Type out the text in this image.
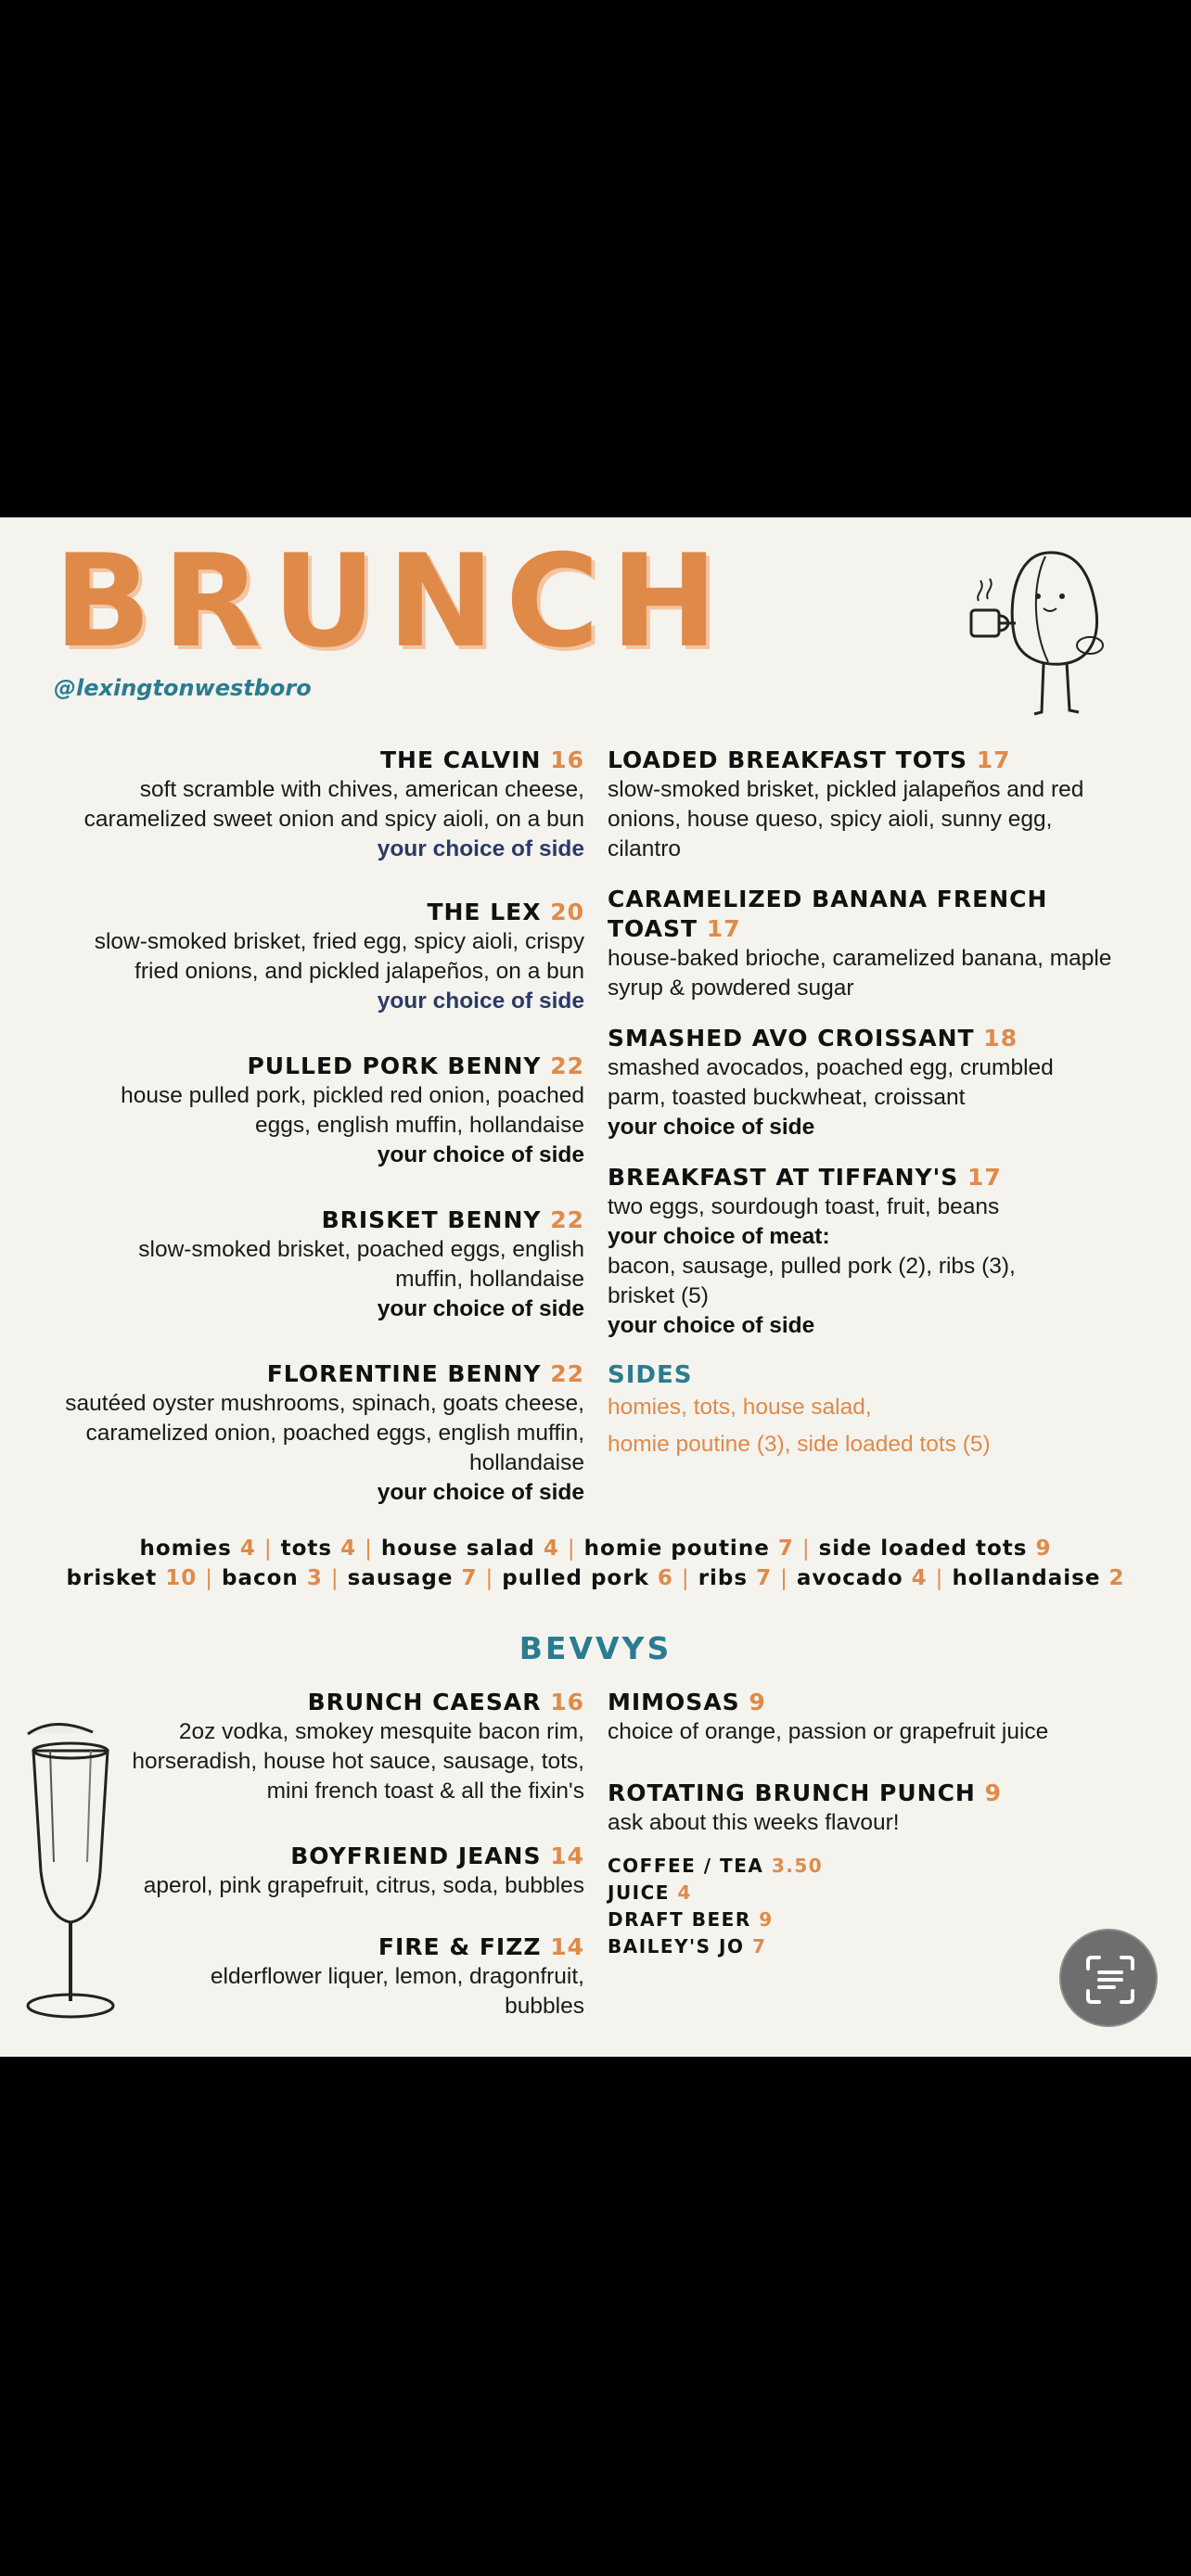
BRUNCH
@lexingtonwestboro
THE CALVIN 16
soft scramble with chives, american cheese,
caramelized sweet onion and spicy aioli, on a bun
your choice of side
THE LEX 20
slow-smoked brisket, fried egg, spicy aioli, crispy
fried onions, and pickled jalapeños, on a bun
your choice of side
PULLED PORK BENNY 22
house pulled pork, pickled red onion, poached
eggs, english muffin, hollandaise
your choice of side
BRISKET BENNY 22
slow-smoked brisket, poached eggs, english
muffin, hollandaise
your choice of side
FLORENTINE BENNY 22
sautéed oyster mushrooms, spinach, goats cheese,
caramelized onion, poached eggs, english muffin,
hollandaise
your choice of side
LOADED BREAKFAST TOTS 17
slow-smoked brisket, pickled jalapeños and red
onions, house queso, spicy aioli, sunny egg,
cilantro
CARAMELIZED BANANA FRENCH
TOAST 17
house-baked brioche, caramelized banana, maple
syrup & powdered sugar
SMASHED AVO CROISSANT 18
smashed avocados, poached egg, crumbled
parm, toasted buckwheat, croissant
your choice of side
BREAKFAST AT TIFFANY'S 17
two eggs, sourdough toast, fruit, beans
your choice of meat:
bacon, sausage, pulled pork (2), ribs (3),
brisket (5)
your choice of side
SIDES
homies, tots, house salad,
homie poutine (3), side loaded tots (5)
homies 4 | tots 4 | house salad 4 | homie poutine 7 | side loaded tots 9
brisket 10 | bacon 3 | sausage 7 | pulled pork 6 | ribs 7 | avocado 4 | hollandaise 2
BEVVYS
BRUNCH CAESAR 16
2oz vodka, smokey mesquite bacon rim,
horseradish, house hot sauce, sausage, tots,
mini french toast & all the fixin's
BOYFRIEND JEANS 14
aperol, pink grapefruit, citrus, soda, bubbles
FIRE & FIZZ 14
elderflower liquer, lemon, dragonfruit,
bubbles
MIMOSAS 9
choice of orange, passion or grapefruit juice
ROTATING BRUNCH PUNCH 9
ask about this weeks flavour!
COFFEE / TEA 3.50
JUICE 4
DRAFT BEER 9
BAILEY'S JO 7
